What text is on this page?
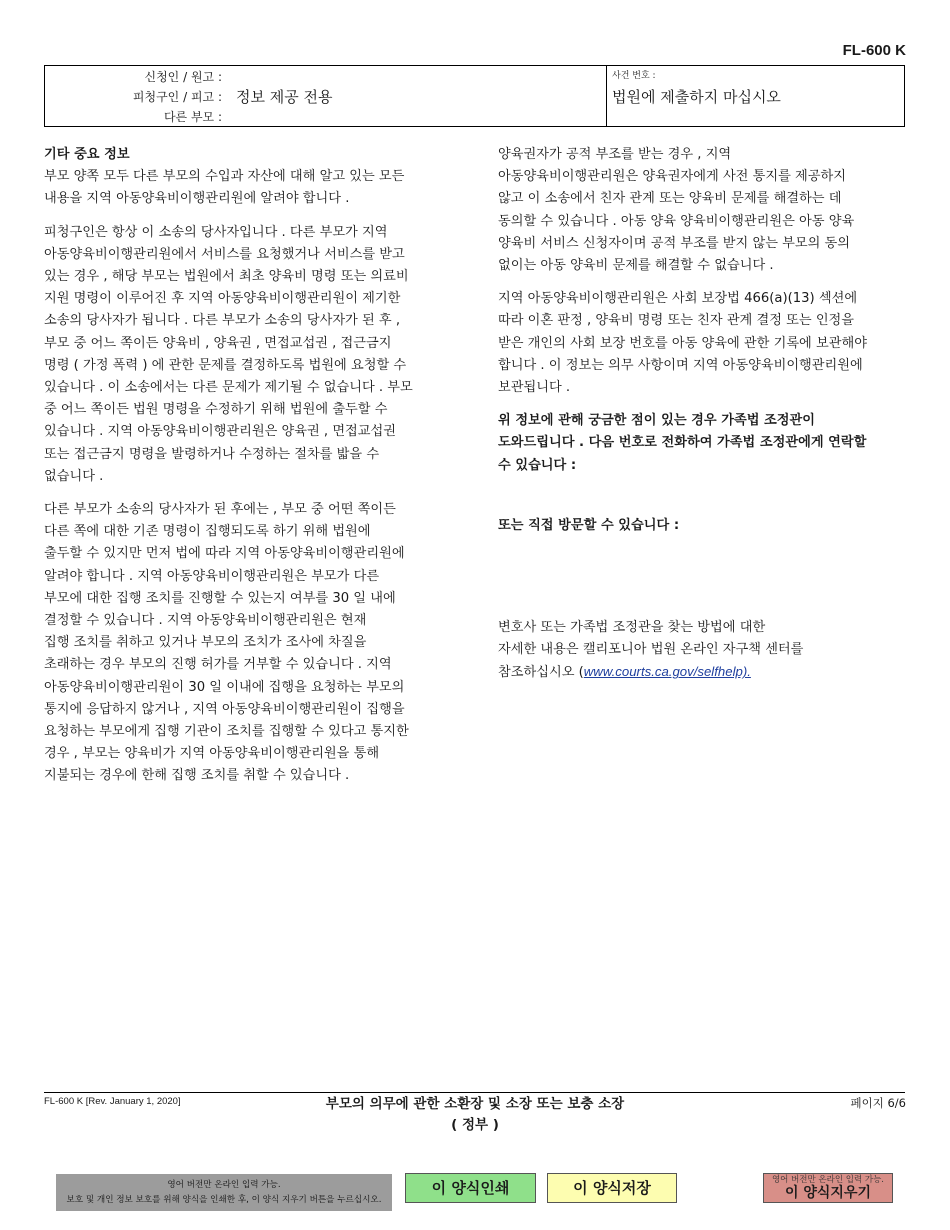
FL-600 K
신청인 / 원고 :
피청구인 / 피고 :
다른 부모 :
정보 제공 전용
사건 번호 :
법원에 제출하지 마십시오
기타 중요 정보

부모 양쪽 모두 다른 부모의 수입과 자산에 대해 알고 있는 모든
내용을 지역 아동양육비이행관리원에 알려야 합니다 .

피청구인은 항상 이 소송의 당사자입니다 . 다른 부모가 지역
아동양육비이행관리원에서 서비스를 요청했거나 서비스를 받고
있는 경우 , 해당 부모는 법원에서 최초 양육비 명령 또는 의료비
지원 명령이 이루어진 후 지역 아동양육비이행관리원이 제기한
소송의 당사자가 됩니다 . 다른 부모가 소송의 당사자가 된 후 ,
부모 중 어느 쪽이든 양육비 , 양육권 , 면접교섭권 , 접근금지
명령 ( 가정 폭력 ) 에 관한 문제를 결정하도록 법원에 요청할 수
있습니다 . 이 소송에서는 다른 문제가 제기될 수 없습니다 . 부모
중 어느 쪽이든 법원 명령을 수정하기 위해 법원에 출두할 수
있습니다 . 지역 아동양육비이행관리원은 양육권 , 면접교섭권
또는 접근금지 명령을 발령하거나 수정하는 절차를 밟을 수
없습니다 .

다른 부모가 소송의 당사자가 된 후에는 , 부모 중 어떤 쪽이든
다른 쪽에 대한 기존 명령이 집행되도록 하기 위해 법원에
출두할 수 있지만 먼저 법에 따라 지역 아동양육비이행관리원에
알려야 합니다 . 지역 아동양육비이행관리원은 부모가 다른
부모에 대한 집행 조치를 진행할 수 있는지 여부를 30 일 내에
결정할 수 있습니다 . 지역 아동양육비이행관리원은 현재
집행 조치를 취하고 있거나 부모의 조치가 조사에 차질을
초래하는 경우 부모의 진행 허가를 거부할 수 있습니다 . 지역
아동양육비이행관리원이 30 일 이내에 집행을 요청하는 부모의
통지에 응답하지 않거나 , 지역 아동양육비이행관리원이 집행을
요청하는 부모에게 집행 기관이 조치를 집행할 수 있다고 통지한
경우 , 부모는 양육비가 지역 아동양육비이행관리원을 통해
지불되는 경우에 한해 집행 조치를 취할 수 있습니다 .

양육권자가 공적 부조를 받는 경우 , 지역
아동양육비이행관리원은 양육권자에게 사전 통지를 제공하지
않고 이 소송에서 친자 관계 또는 양육비 문제를 해결하는 데
동의할 수 있습니다 . 아동 양육 양육비이행관리원은 아동 양육
양육비 서비스 신청자이며 공적 부조를 받지 않는 부모의 동의
없이는 아동 양육비 문제를 해결할 수 없습니다 .

지역 아동양육비이행관리원은 사회 보장법 466(a)(13) 섹션에
따라 이혼 판정 , 양육비 명령 또는 친자 관계 결정 또는 인정을
받은 개인의 사회 보장 번호를 아동 양육에 관한 기록에 보관해야
합니다 . 이 정보는 의무 사항이며 지역 아동양육비이행관리원에
보관됩니다 .

위 정보에 관해 궁금한 점이 있는 경우 가족법 조정관이
도와드립니다 . 다음 번호로 전화하여 가족법 조정관에게 연락할
수 있습니다 :

또는 직접 방문할 수 있습니다 :

변호사 또는 가족법 조정관을 찾는 방법에 대한
자세한 내용은 캘리포니아 법원 온라인 자구책 센터를
참조하십시오 (www.courts.ca.gov/selfhelp).

FL-600 K [Rev. January 1, 2020]	부모의 의무에 관한 소환장 및 소장 또는 보충 소장
( 정부 )
페이지 6/6
영어 버전만 온라인 입력 가능.
보호 및 개인 정보 보호를 위해 양식을 인쇄한 후, 이 양식 지우기 버튼을 누르십시오.
이 양식인쇄	이 양식저장	영어 버전만 온라인 입력 가능.
이 양식지우기
